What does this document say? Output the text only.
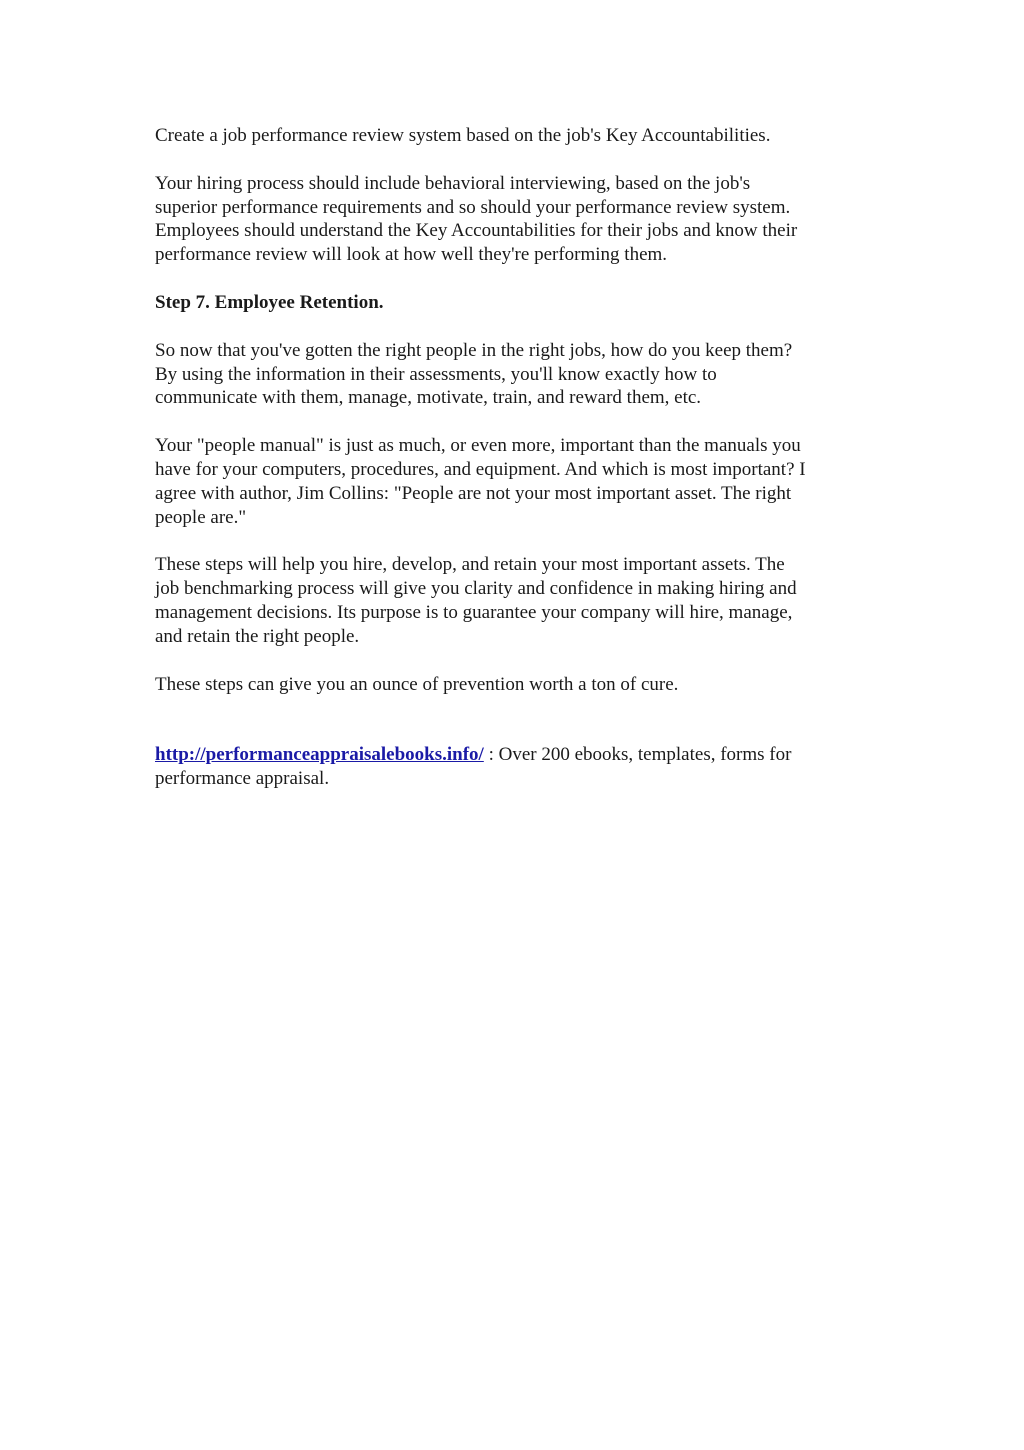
Create a job performance review system based on the job's Key Accountabilities.

Your hiring process should include behavioral interviewing, based on the job's
superior performance requirements and so should your performance review system.
Employees should understand the Key Accountabilities for their jobs and know their
performance review will look at how well they're performing them.

Step 7. Employee Retention.

So now that you've gotten the right people in the right jobs, how do you keep them?
By using the information in their assessments, you'll know exactly how to
communicate with them, manage, motivate, train, and reward them, etc.

Your "people manual" is just as much, or even more, important than the manuals you
have for your computers, procedures, and equipment. And which is most important? I
agree with author, Jim Collins: "People are not your most important asset. The right
people are."

These steps will help you hire, develop, and retain your most important assets. The
job benchmarking process will give you clarity and confidence in making hiring and
management decisions. Its purpose is to guarantee your company will hire, manage,
and retain the right people.

These steps can give you an ounce of prevention worth a ton of cure.

http://performanceappraisalebooks.info/ : Over 200 ebooks, templates, forms for
performance appraisal.
